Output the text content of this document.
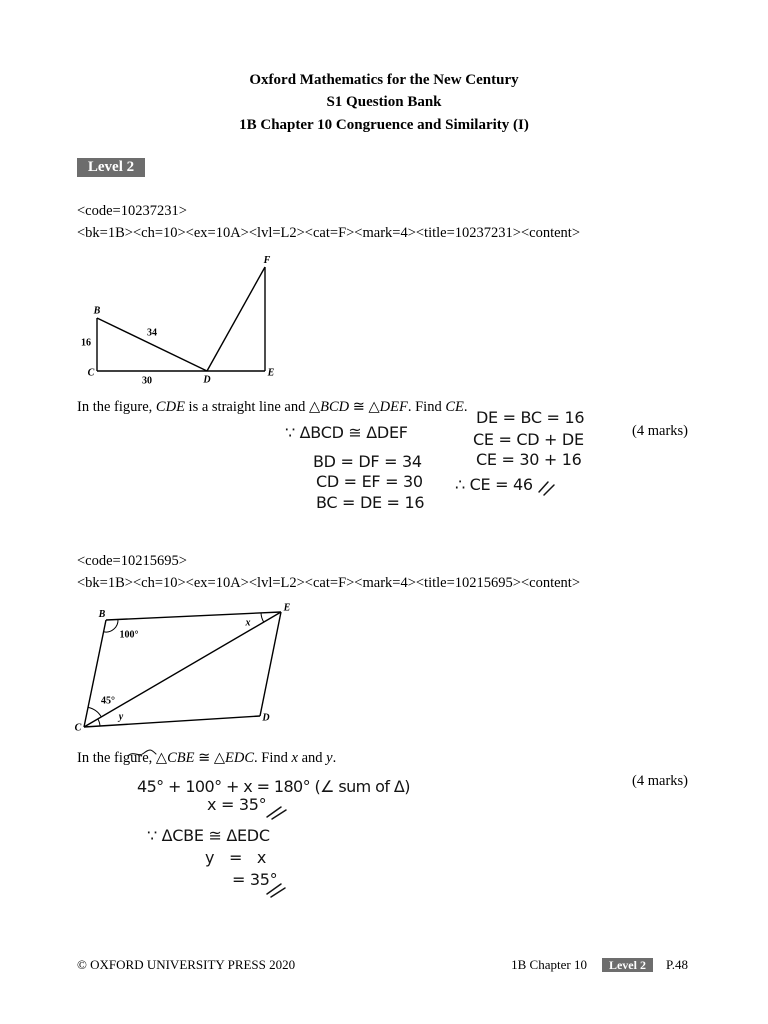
Oxford Mathematics for the New Century
S1 Question Bank
1B Chapter 10 Congruence and Similarity (I)
Level 2
<code=10237231>
<bk=1B><ch=10><ex=10A><lvl=L2><cat=F><mark=4><title=10237231><content>
F
B
34
16
C
30	D
E
In the figure, CDE is a straight line and △BCD ≅ △DEF. Find CE.
(4 marks)
∵ ΔBCD ≅ ΔDEF
BD = DF = 34
CD = EF = 30
BC = DE = 16
DE = BC = 16
CE = CD + DE
CE = 30 + 16
∴ CE = 46
<code=10215695>
<bk=1B><ch=10><ex=10A><lvl=L2><cat=F><mark=4><title=10215695><content>
B
E
100°
x
45°
y
C
D
In the figure, △CBE ≅ △EDC. Find x and y.
(4 marks)
45° + 100° + x = 180° (∠ sum of Δ)
x = 35°
∵ ΔCBE ≅ ΔEDC
y = x
= 35°
© OXFORD UNIVERSITY PRESS 2020	1B Chapter 10	Level 2	P.48
